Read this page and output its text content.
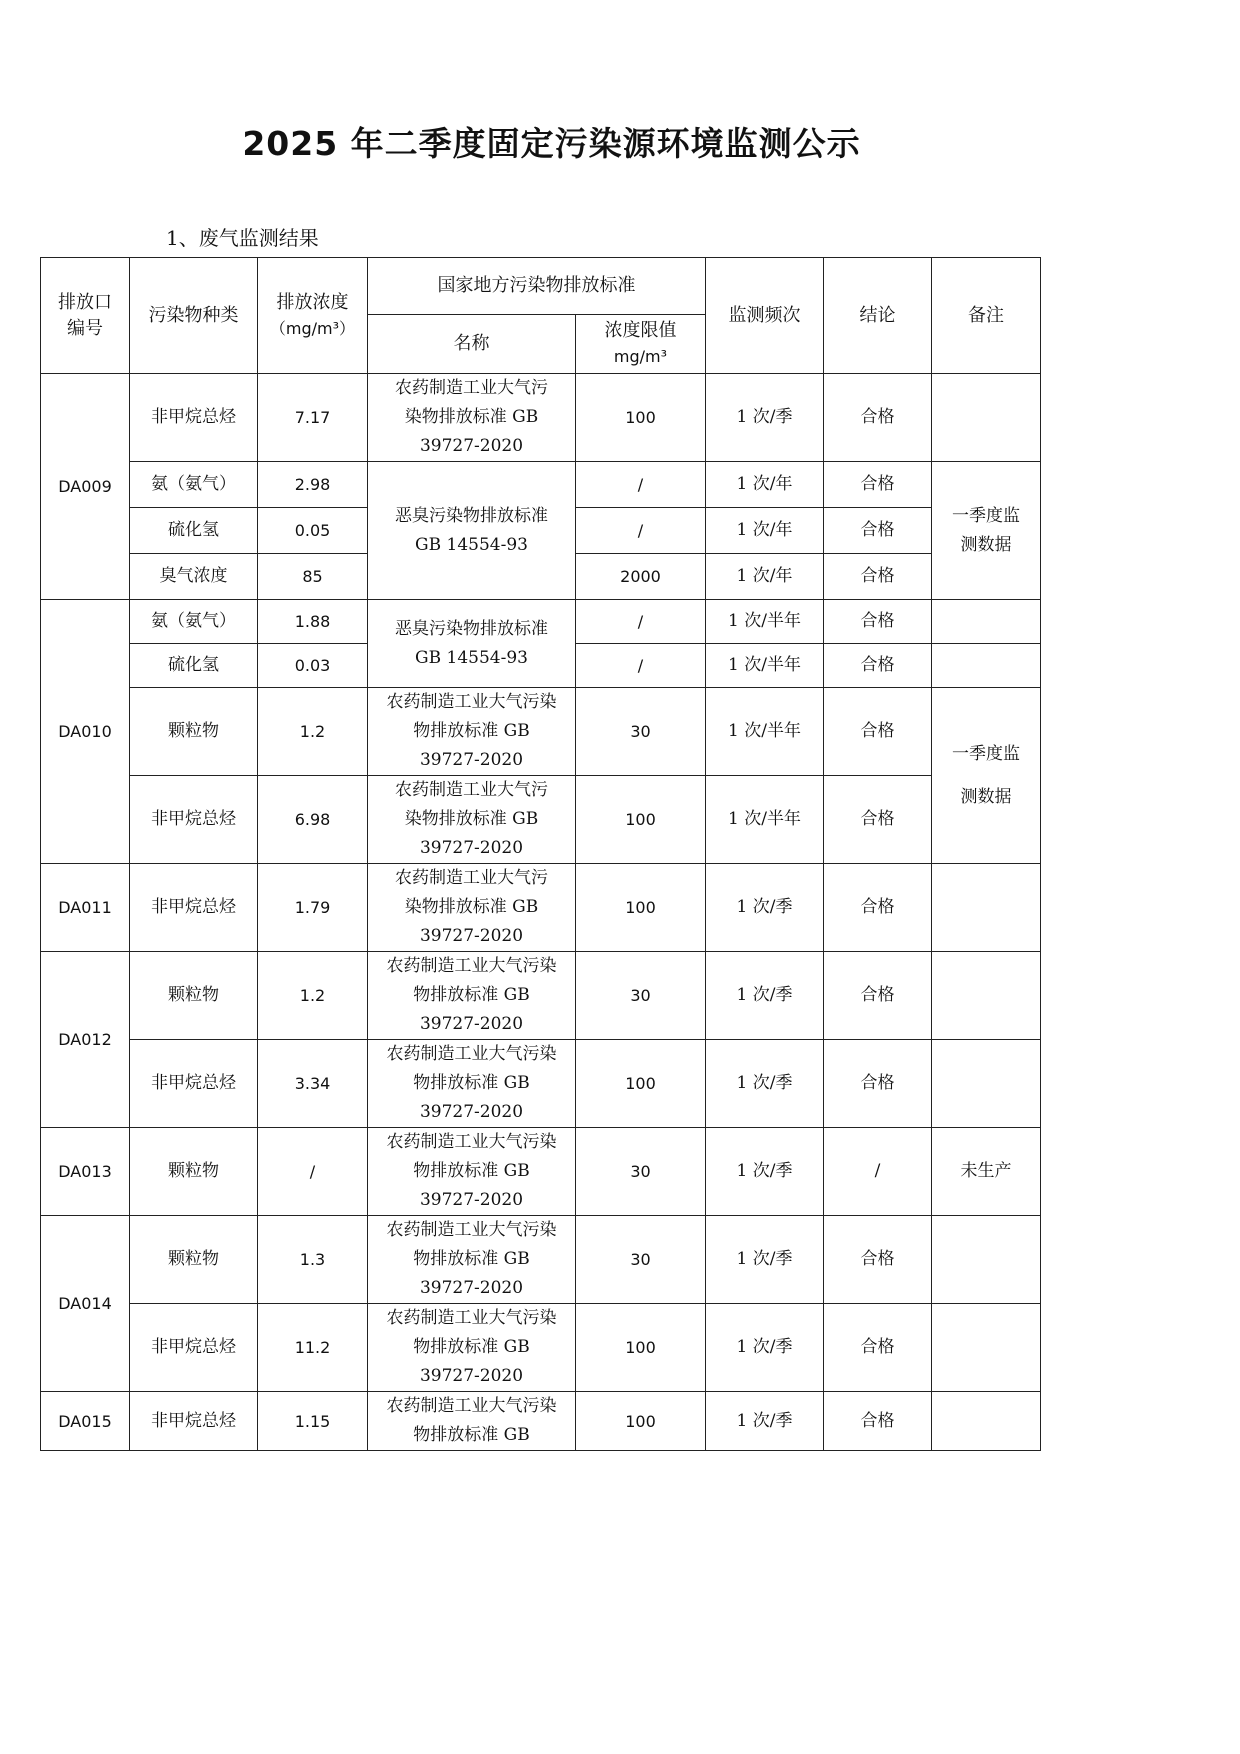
2025 年二季度固定污染源环境监测公示
1、废气监测结果
排放口
编号	污染物种类	排放浓度
（mg/m³）	国家地方污染物排放标准		监测频次	结论	备注
			名称	浓度限值
mg/m³			
DA009	非甲烷总烃	7.17	农药制造工业大气污
染物排放标准 GB
39727-2020	100	1 次/季	合格	
	氨（氨气）	2.98	恶臭污染物排放标准
GB 14554-93	/	1 次/年	合格	一季度监
测数据
	硫化氢	0.05		/	1 次/年	合格	
	臭气浓度	85		2000	1 次/年	合格	
DA010	氨（氨气）	1.88	恶臭污染物排放标准
GB 14554-93	/	1 次/半年	合格	
	硫化氢	0.03		/	1 次/半年	合格	
	颗粒物	1.2	农药制造工业大气污染
物排放标准 GB
39727-2020	30	1 次/半年	合格	一季度监
测数据
	非甲烷总烃	6.98	农药制造工业大气污
染物排放标准 GB
39727-2020	100	1 次/半年	合格	
DA011	非甲烷总烃	1.79	农药制造工业大气污
染物排放标准 GB
39727-2020	100	1 次/季	合格	
DA012	颗粒物	1.2	农药制造工业大气污染
物排放标准 GB
39727-2020	30	1 次/季	合格	
	非甲烷总烃	3.34	农药制造工业大气污染
物排放标准 GB
39727-2020	100	1 次/季	合格	
DA013	颗粒物	/	农药制造工业大气污染
物排放标准 GB
39727-2020	30	1 次/季	/	未生产
DA014	颗粒物	1.3	农药制造工业大气污染
物排放标准 GB
39727-2020	30	1 次/季	合格	
	非甲烷总烃	11.2	农药制造工业大气污染
物排放标准 GB
39727-2020	100	1 次/季	合格	
DA015	非甲烷总烃	1.15	农药制造工业大气污染
物排放标准 GB	100	1 次/季	合格	
